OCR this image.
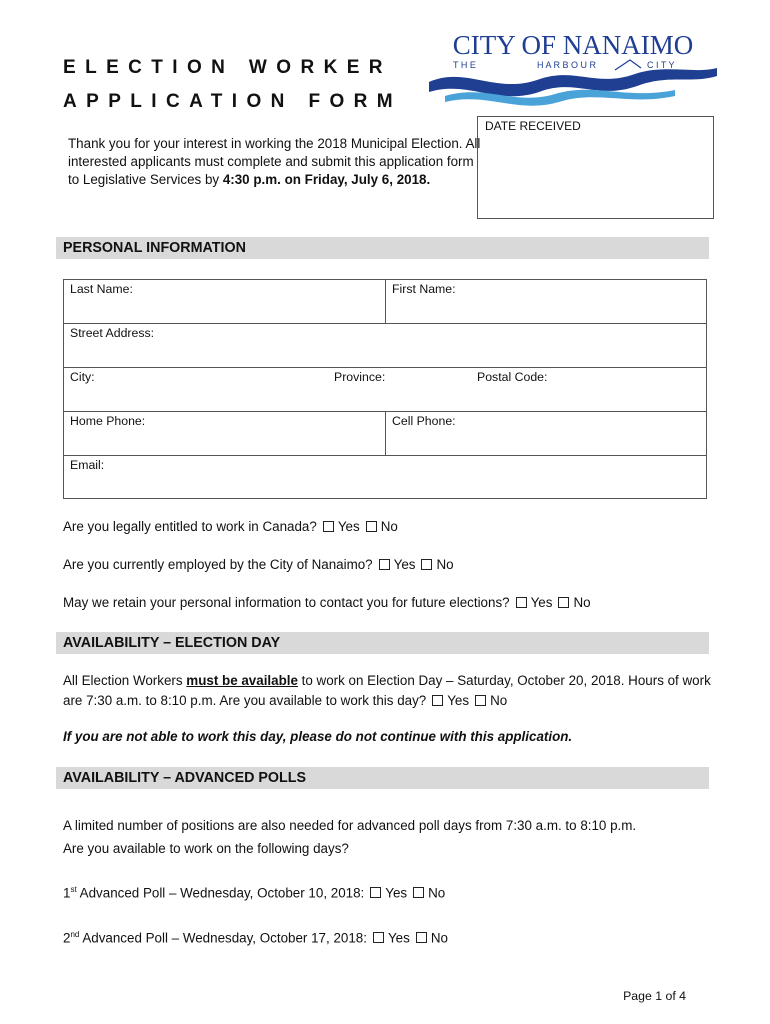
ELECTION WORKER
APPLICATION FORM
CITY OF NANAIMO
T H E	H A R B O U R	C I T Y

Thank you for your interest in working the 2018 Municipal Election. All interested applicants must complete and submit this application form to Legislative Services by 4:30 p.m. on Friday, July 6, 2018.

DATE RECEIVED
PERSONAL INFORMATION
Last Name:	First Name:
Street Address:
City:	Province:	Postal Code:
Home Phone:	Cell Phone:
Email:
Are you legally entitled to work in Canada? Yes No
Are you currently employed by the City of Nanaimo? Yes No
May we retain your personal information to contact you for future elections? Yes No
AVAILABILITY – ELECTION DAY

All Election Workers must be available to work on Election Day – Saturday, October 20, 2018. Hours of work are 7:30 a.m. to 8:10 p.m. Are you available to work this day? Yes No

If you are not able to work this day, please do not continue with this application.
AVAILABILITY – ADVANCED POLLS
A limited number of positions are also needed for advanced poll days from 7:30 a.m. to 8:10 p.m.
Are you available to work on the following days?
1st Advanced Poll – Wednesday, October 10, 2018: Yes No
2nd Advanced Poll – Wednesday, October 17, 2018: Yes No
Page 1 of 4
